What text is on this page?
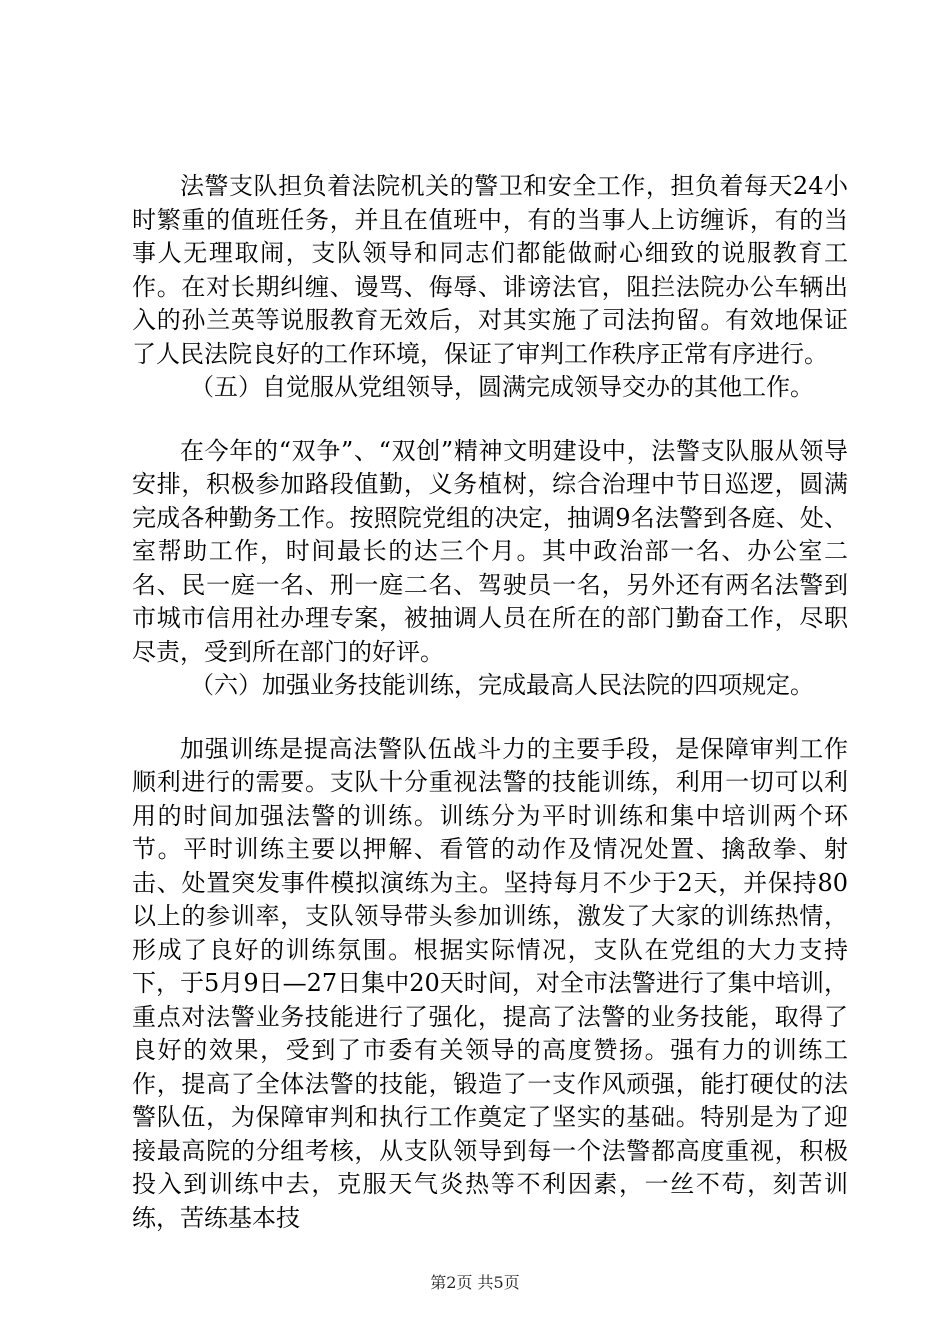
法警支队担负着法院机关的警卫和安全工作，担负着每天24小时繁重的值班任务，并且在值班中，有的当事人上访缠诉，有的当事人无理取闹，支队领导和同志们都能做耐心细致的说服教育工作。在对长期纠缠、谩骂、侮辱、诽谤法官，阻拦法院办公车辆出入的孙兰英等说服教育无效后，对其实施了司法拘留。有效地保证了人民法院良好的工作环境，保证了审判工作秩序正常有序进行。

（五）自觉服从党组领导，圆满完成领导交办的其他工作。

在今年的“双争”、“双创”精神文明建设中，法警支队服从领导安排，积极参加路段值勤，义务植树，综合治理中节日巡逻，圆满完成各种勤务工作。按照院党组的决定，抽调9名法警到各庭、处、室帮助工作，时间最长的达三个月。其中政治部一名、办公室二名、民一庭一名、刑一庭二名、驾驶员一名，另外还有两名法警到市城市信用社办理专案，被抽调人员在所在的部门勤奋工作，尽职尽责，受到所在部门的好评。

（六）加强业务技能训练，完成最高人民法院的四项规定。

加强训练是提高法警队伍战斗力的主要手段，是保障审判工作顺利进行的需要。支队十分重视法警的技能训练，利用一切可以利用的时间加强法警的训练。训练分为平时训练和集中培训两个环节。平时训练主要以押解、看管的动作及情况处置、擒敌拳、射击、处置突发事件模拟演练为主。坚持每月不少于2天，并保持80以上的参训率，支队领导带头参加训练，激发了大家的训练热情，形成了良好的训练氛围。根据实际情况，支队在党组的大力支持下，于5月9日—27日集中20天时间，对全市法警进行了集中培训，重点对法警业务技能进行了强化，提高了法警的业务技能，取得了良好的效果，受到了市委有关领导的高度赞扬。强有力的训练工作，提高了全体法警的技能，锻造了一支作风顽强，能打硬仗的法警队伍，为保障审判和执行工作奠定了坚实的基础。特别是为了迎接最高院的分组考核，从支队领导到每一个法警都高度重视，积极投入到训练中去，克服天气炎热等不利因素，一丝不苟，刻苦训练，苦练基本技

第2页 共5页
